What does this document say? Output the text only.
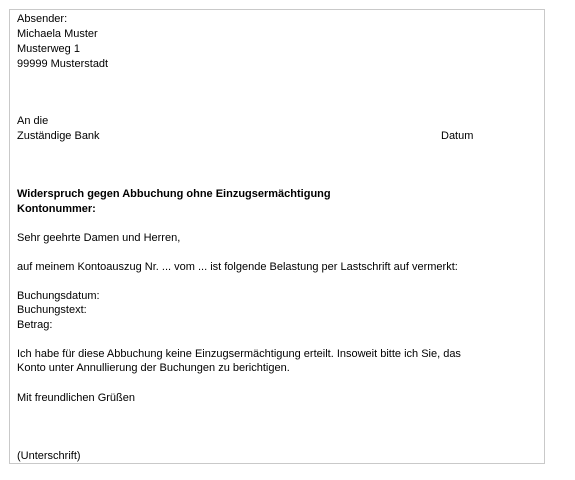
Absender:
Michaela Muster
Musterweg 1
99999 Musterstadt
An die
Zuständige Bank	Datum
Widerspruch gegen Abbuchung ohne Einzugsermächtigung
Kontonummer:
Sehr geehrte Damen und Herren,
auf meinem Kontoauszug Nr. ... vom ... ist folgende Belastung per Lastschrift auf vermerkt:
Buchungsdatum:
Buchungstext:
Betrag:
Ich habe für diese Abbuchung keine Einzugsermächtigung erteilt. Insoweit bitte ich Sie, das
Konto unter Annullierung der Buchungen zu berichtigen.
Mit freundlichen Grüßen
(Unterschrift)
